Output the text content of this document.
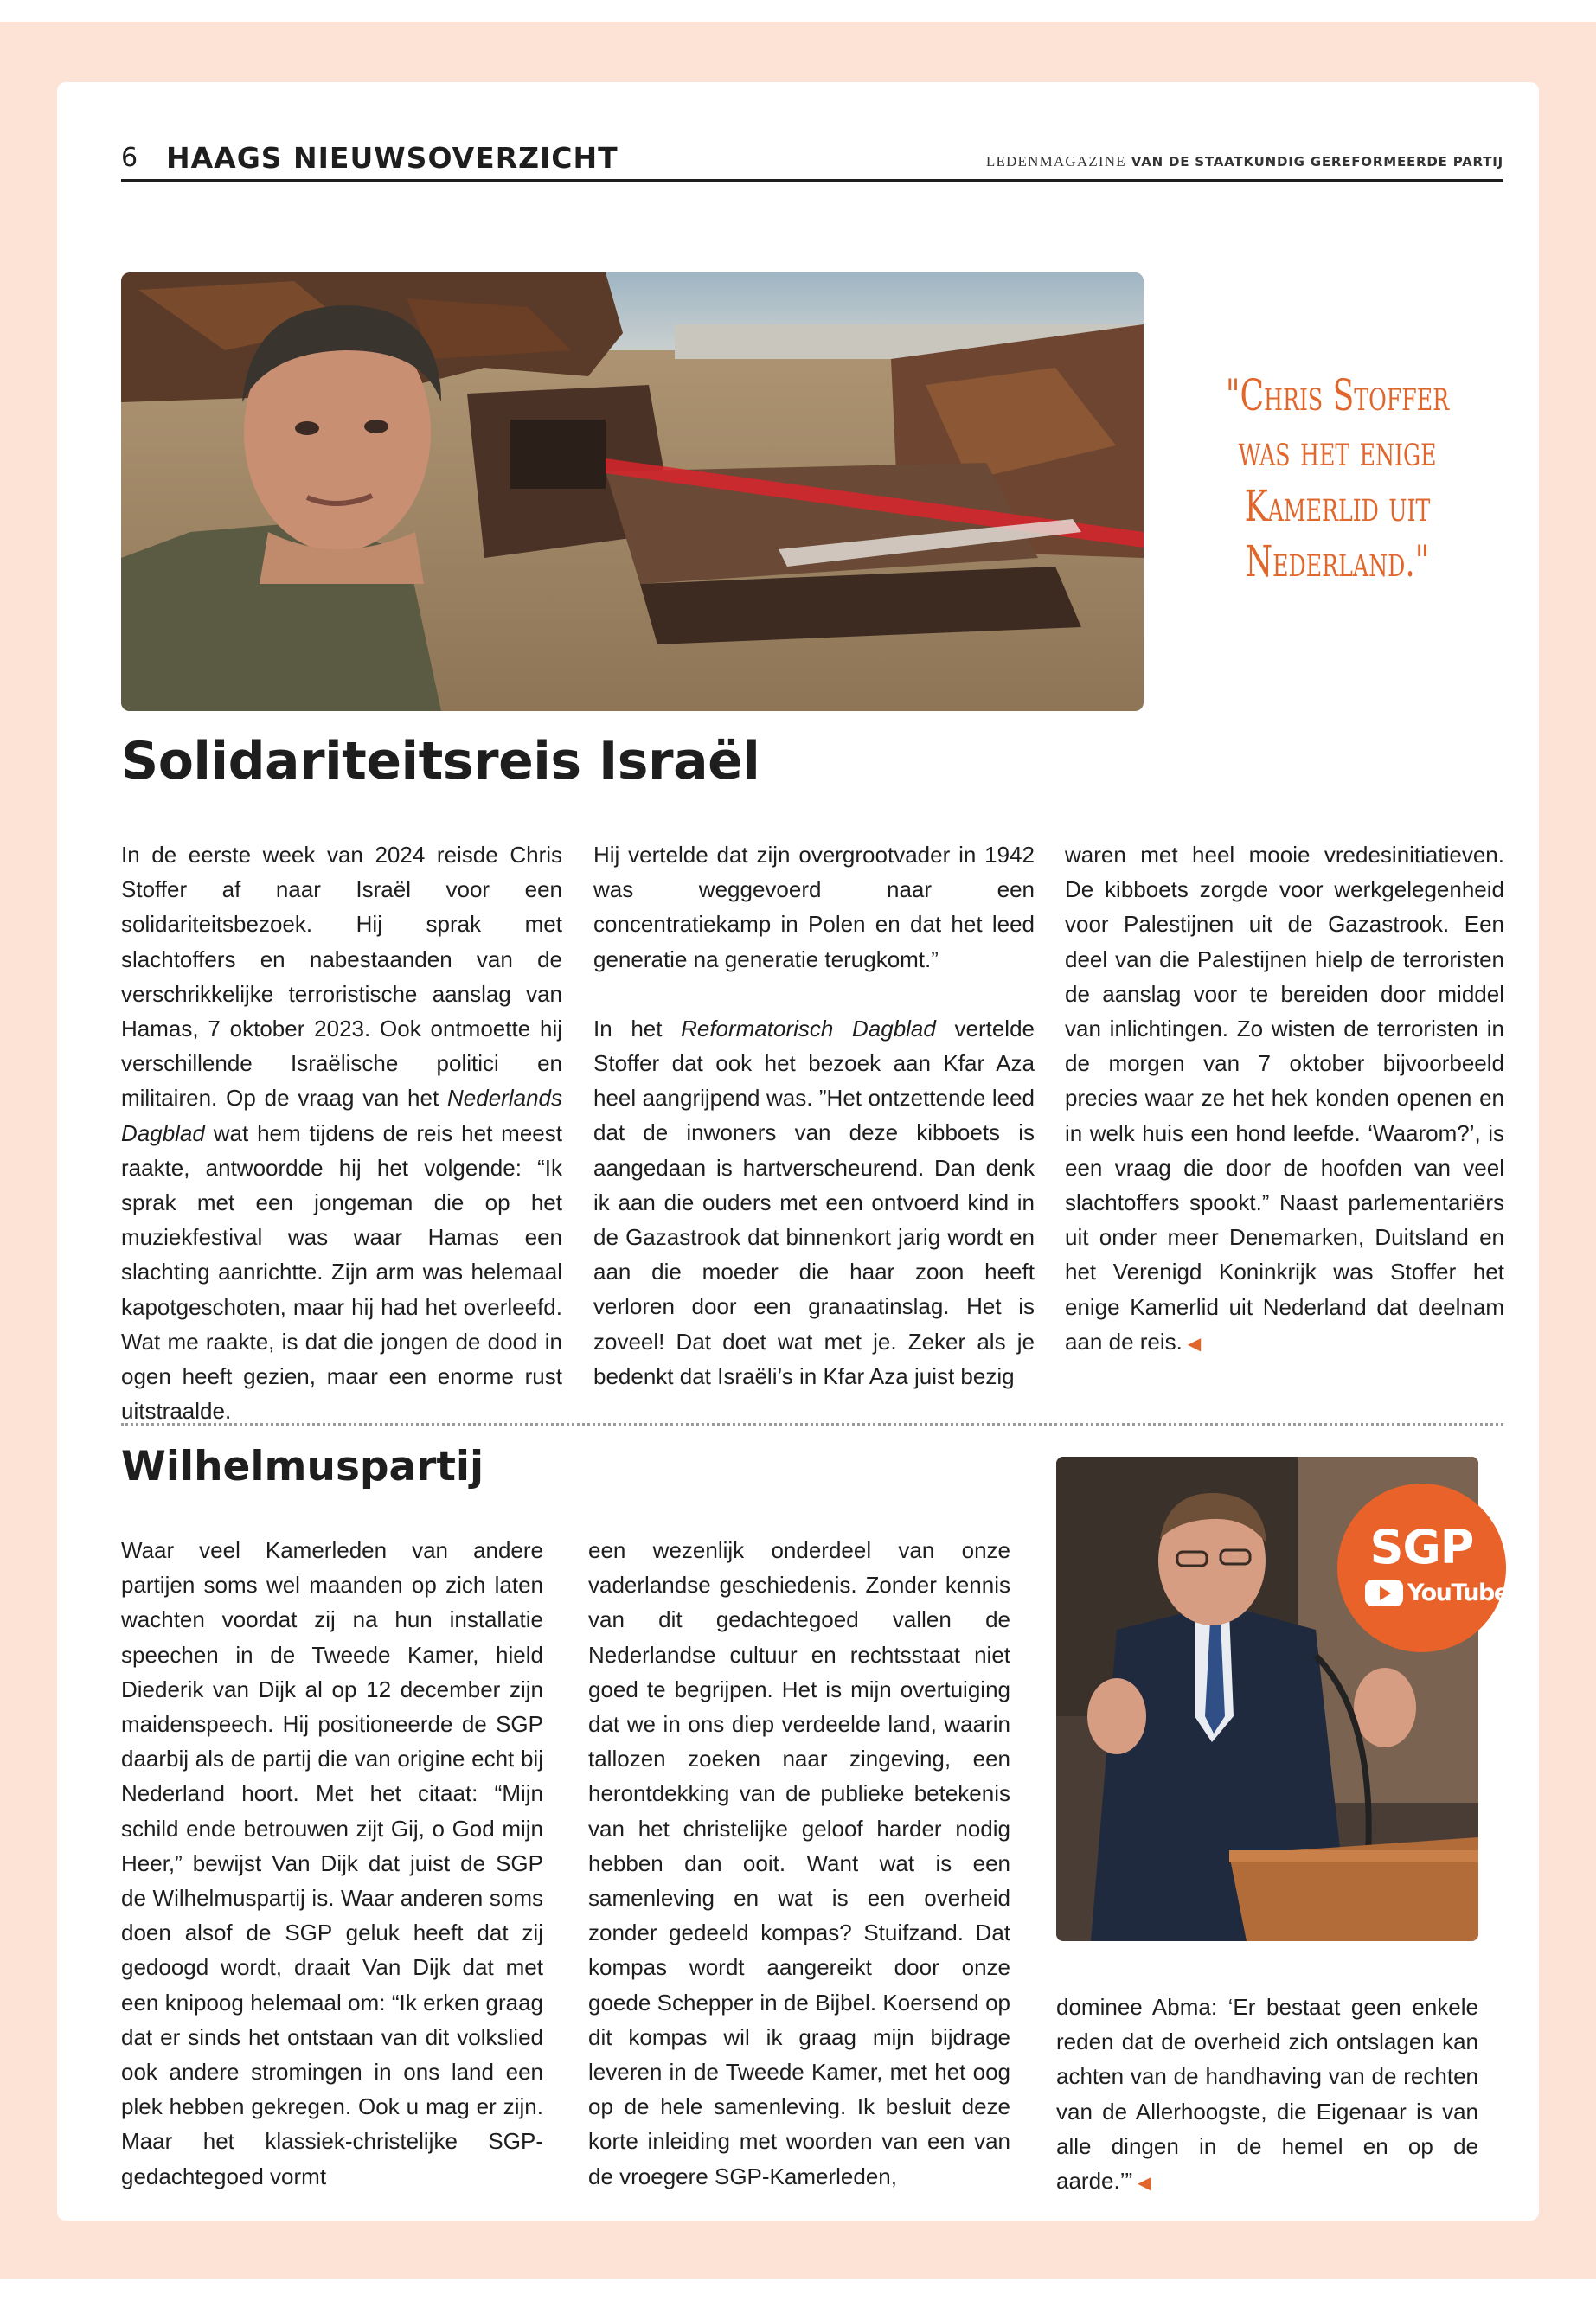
6 HAAGS NIEUWSOVERZICHT	LEDENMAGAZINE VAN DE STAATKUNDIG GEREFORMEERDE PARTIJ
"Chris Stoffer was het enige Kamerlid uit Nederland."
Solidariteitsreis Israël

In de eerste week van 2024 reisde Chris Stoffer af naar Israël voor een solidariteitsbezoek. Hij sprak met slachtoffers en nabestaanden van de verschrikkelijke terroristische aanslag van Hamas, 7 oktober 2023. Ook ontmoette hij verschillende Israëlische politici en militairen. Op de vraag van het Nederlands Dagblad wat hem tijdens de reis het meest raakte, antwoordde hij het volgende: “Ik sprak met een jongeman die op het muziekfestival was waar Hamas een slachting aanrichtte. Zijn arm was helemaal kapotgeschoten, maar hij had het overleefd. Wat me raakte, is dat die jongen de dood in ogen heeft gezien, maar een enorme rust uitstraalde.

Hij vertelde dat zijn overgrootvader in 1942 was weggevoerd naar een concentratiekamp in Polen en dat het leed generatie na generatie terugkomt.”

In het Reformatorisch Dagblad vertelde Stoffer dat ook het bezoek aan Kfar Aza heel aangrijpend was. ”Het ontzettende leed dat de inwoners van deze kibboets is aangedaan is hartverscheurend. Dan denk ik aan die ouders met een ontvoerd kind in de Gazastrook dat binnenkort jarig wordt en aan die moeder die haar zoon heeft verloren door een granaatinslag. Het is zoveel! Dat doet wat met je. Zeker als je bedenkt dat Israëli’s in Kfar Aza juist bezig

waren met heel mooie vredesinitiatieven. De kibboets zorgde voor werkgelegenheid voor Palestijnen uit de Gazastrook. Een deel van die Palestijnen hielp de terroristen de aanslag voor te bereiden door middel van inlichtingen. Zo wisten de terroristen in de morgen van 7 oktober bijvoorbeeld precies waar ze het hek konden openen en in welk huis een hond leefde. ‘Waarom?’, is een vraag die door de hoofden van veel slachtoffers spookt.” Naast parlementariërs uit onder meer Denemarken, Duitsland en het Verenigd Koninkrijk was Stoffer het enige Kamerlid uit Nederland dat deelnam aan de reis. ◀

Wilhelmuspartij

Waar veel Kamerleden van andere partijen soms wel maanden op zich laten wachten voordat zij na hun installatie speechen in de Tweede Kamer, hield Diederik van Dijk al op 12 december zijn maidenspeech. Hij positioneerde de SGP daarbij als de partij die van origine echt bij Nederland hoort. Met het citaat: “Mijn schild ende betrouwen zijt Gij, o God mijn Heer,” bewijst Van Dijk dat juist de SGP de Wilhelmuspartij is. Waar anderen soms doen alsof de SGP geluk heeft dat zij gedoogd wordt, draait Van Dijk dat met een knipoog helemaal om: “Ik erken graag dat er sinds het ontstaan van dit volkslied ook andere stromingen in ons land een plek hebben gekregen. Ook u mag er zijn. Maar het klassiek-christelijke SGP-gedachtegoed vormt

een wezenlijk onderdeel van onze vaderlandse geschiedenis. Zonder kennis van dit gedachtegoed vallen de Nederlandse cultuur en rechtsstaat niet goed te begrijpen. Het is mijn overtuiging dat we in ons diep verdeelde land, waarin tallozen zoeken naar zingeving, een herontdekking van de publieke betekenis van het christelijke geloof harder nodig hebben dan ooit. Want wat is een samenleving en wat is een overheid zonder gedeeld kompas? Stuifzand. Dat kompas wordt aangereikt door onze goede Schepper in de Bijbel. Koersend op dit kompas wil ik graag mijn bijdrage leveren in de Tweede Kamer, met het oog op de hele samenleving. Ik besluit deze korte inleiding met woorden van een van de vroegere SGP-Kamerleden,

SGP
YouTube

dominee Abma: ‘Er bestaat geen enkele reden dat de overheid zich ontslagen kan achten van de handhaving van de rechten van de Allerhoogste, die Eigenaar is van alle dingen in de hemel en op de aarde.’” ◀
